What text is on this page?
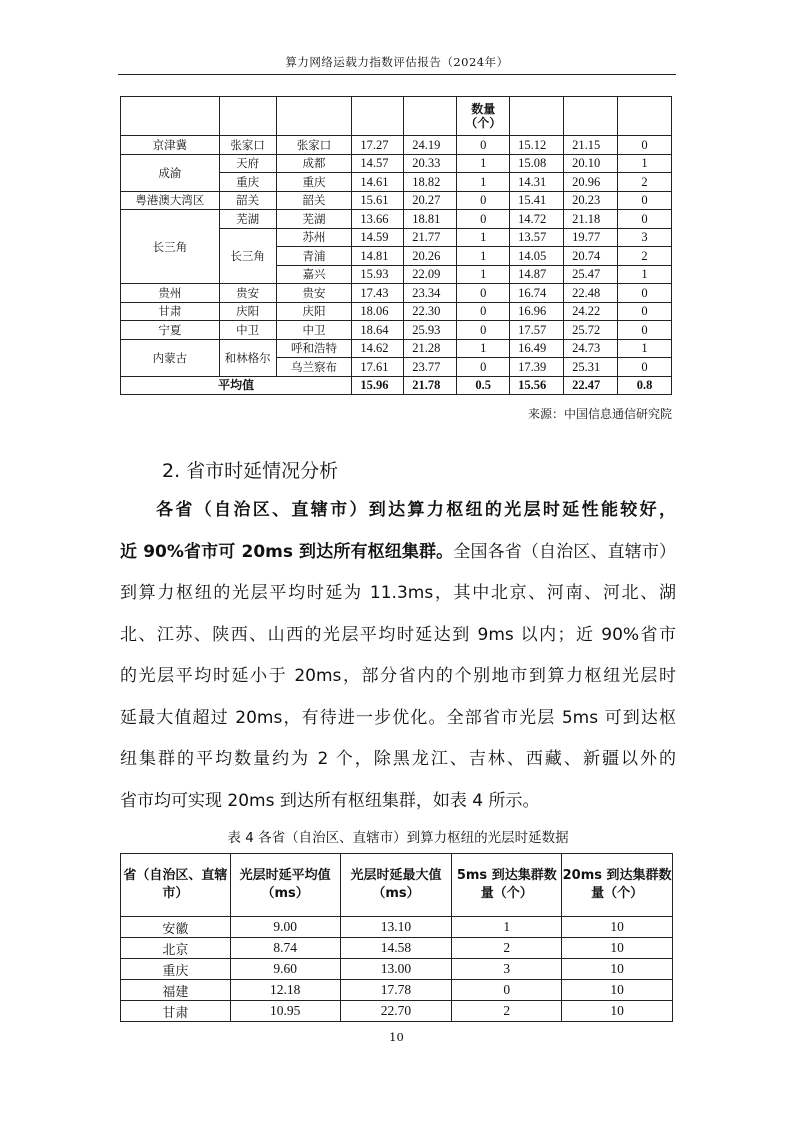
算力网络运载力指数评估报告（2024年）
					数量（个）			
京津冀	张家口	张家口	17.27	24.19	0	15.12	21.15	0
成渝	天府	成都	14.57	20.33	1	15.08	20.10	1
	重庆	重庆	14.61	18.82	1	14.31	20.96	2
粤港澳大湾区	韶关	韶关	15.61	20.27	0	15.41	20.23	0
长三角	芜湖	芜湖	13.66	18.81	0	14.72	21.18	0
	长三角	苏州	14.59	21.77	1	13.57	19.77	3
		青浦	14.81	20.26	1	14.05	20.74	2
		嘉兴	15.93	22.09	1	14.87	25.47	1
贵州	贵安	贵安	17.43	23.34	0	16.74	22.48	0
甘肃	庆阳	庆阳	18.06	22.30	0	16.96	24.22	0
宁夏	中卫	中卫	18.64	25.93	0	17.57	25.72	0
内蒙古	和林格尔	呼和浩特	14.62	21.28	1	16.49	24.73	1
		乌兰察布	17.61	23.77	0	17.39	25.31	0
平均值			15.96	21.78	0.5	15.56	22.47	0.8
来源：中国信息通信研究院
2. 省市时延情况分析
各省（自治区、直辖市）到达算力枢纽的光层时延性能较好，
近 90%省市可 20ms 到达所有枢纽集群。全国各省（自治区、直辖市）
到算力枢纽的光层平均时延为 11.3ms，其中北京、河南、河北、湖
北、江苏、陕西、山西的光层平均时延达到 9ms 以内；近 90%省市
的光层平均时延小于 20ms，部分省内的个别地市到算力枢纽光层时
延最大值超过 20ms，有待进一步优化。全部省市光层 5ms 可到达枢
纽集群的平均数量约为 2 个，除黑龙江、吉林、西藏、新疆以外的
省市均可实现 20ms 到达所有枢纽集群，如表 4 所示。
表 4 各省（自治区、直辖市）到算力枢纽的光层时延数据
省（自治区、直辖市）	光层时延平均值（ms）	光层时延最大值（ms）	5ms 到达集群数量（个）	20ms 到达集群数量（个）
安徽	9.00	13.10	1	10
北京	8.74	14.58	2	10
重庆	9.60	13.00	3	10
福建	12.18	17.78	0	10
甘肃	10.95	22.70	2	10
10
